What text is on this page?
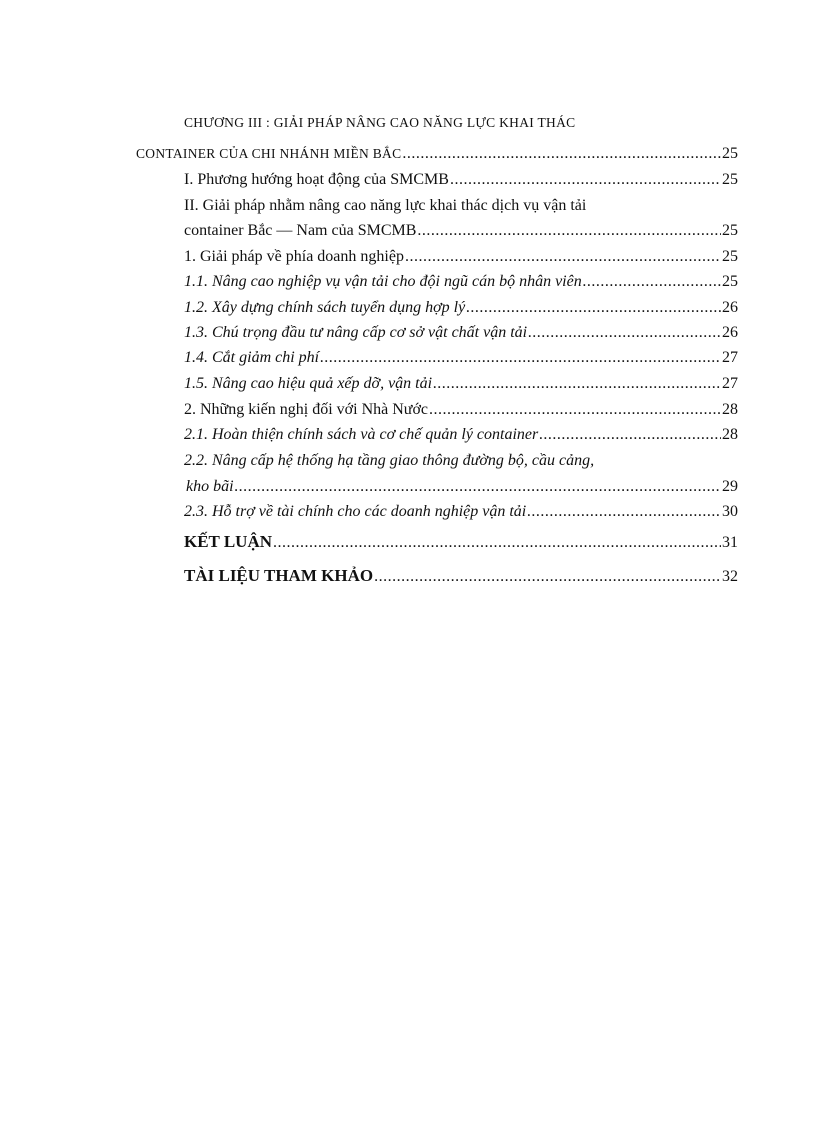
CHƯƠNG III : GIẢI PHÁP NÂNG CAO NĂNG LỰC KHAI THÁC
CONTAINER CỦA CHI NHÁNH MIỀN BẮC .....	25
I. Phương hướng hoạt động của SMCMB .....	25
II. Giải pháp nhằm nâng cao năng lực khai thác dịch vụ vận tải
container Bắc — Nam của SMCMB .....	25
1. Giải pháp về phía doanh nghiệp .....	25
1.1. Nâng cao nghiệp vụ vận tải cho đội ngũ cán bộ nhân viên .....	25
1.2. Xây dựng chính sách tuyển dụng hợp lý .....	26
1.3. Chú trọng đầu tư nâng cấp cơ sở vật chất vận tải .....	26
1.4. Cắt giảm chi phí .....	27
1.5. Nâng cao hiệu quả xếp dỡ, vận tải .....	27
2. Những kiến nghị đối với Nhà Nước .....	28
2.1. Hoàn thiện chính sách và cơ chế quản lý container .....	28
2.2. Nâng cấp hệ thống hạ tầng giao thông đường bộ, cầu cảng,
kho bãi .....	29
2.3. Hỗ trợ về tài chính cho các doanh nghiệp vận tải .....	30
KẾT LUẬN .....	31
TÀI LIỆU THAM KHẢO .....	32
